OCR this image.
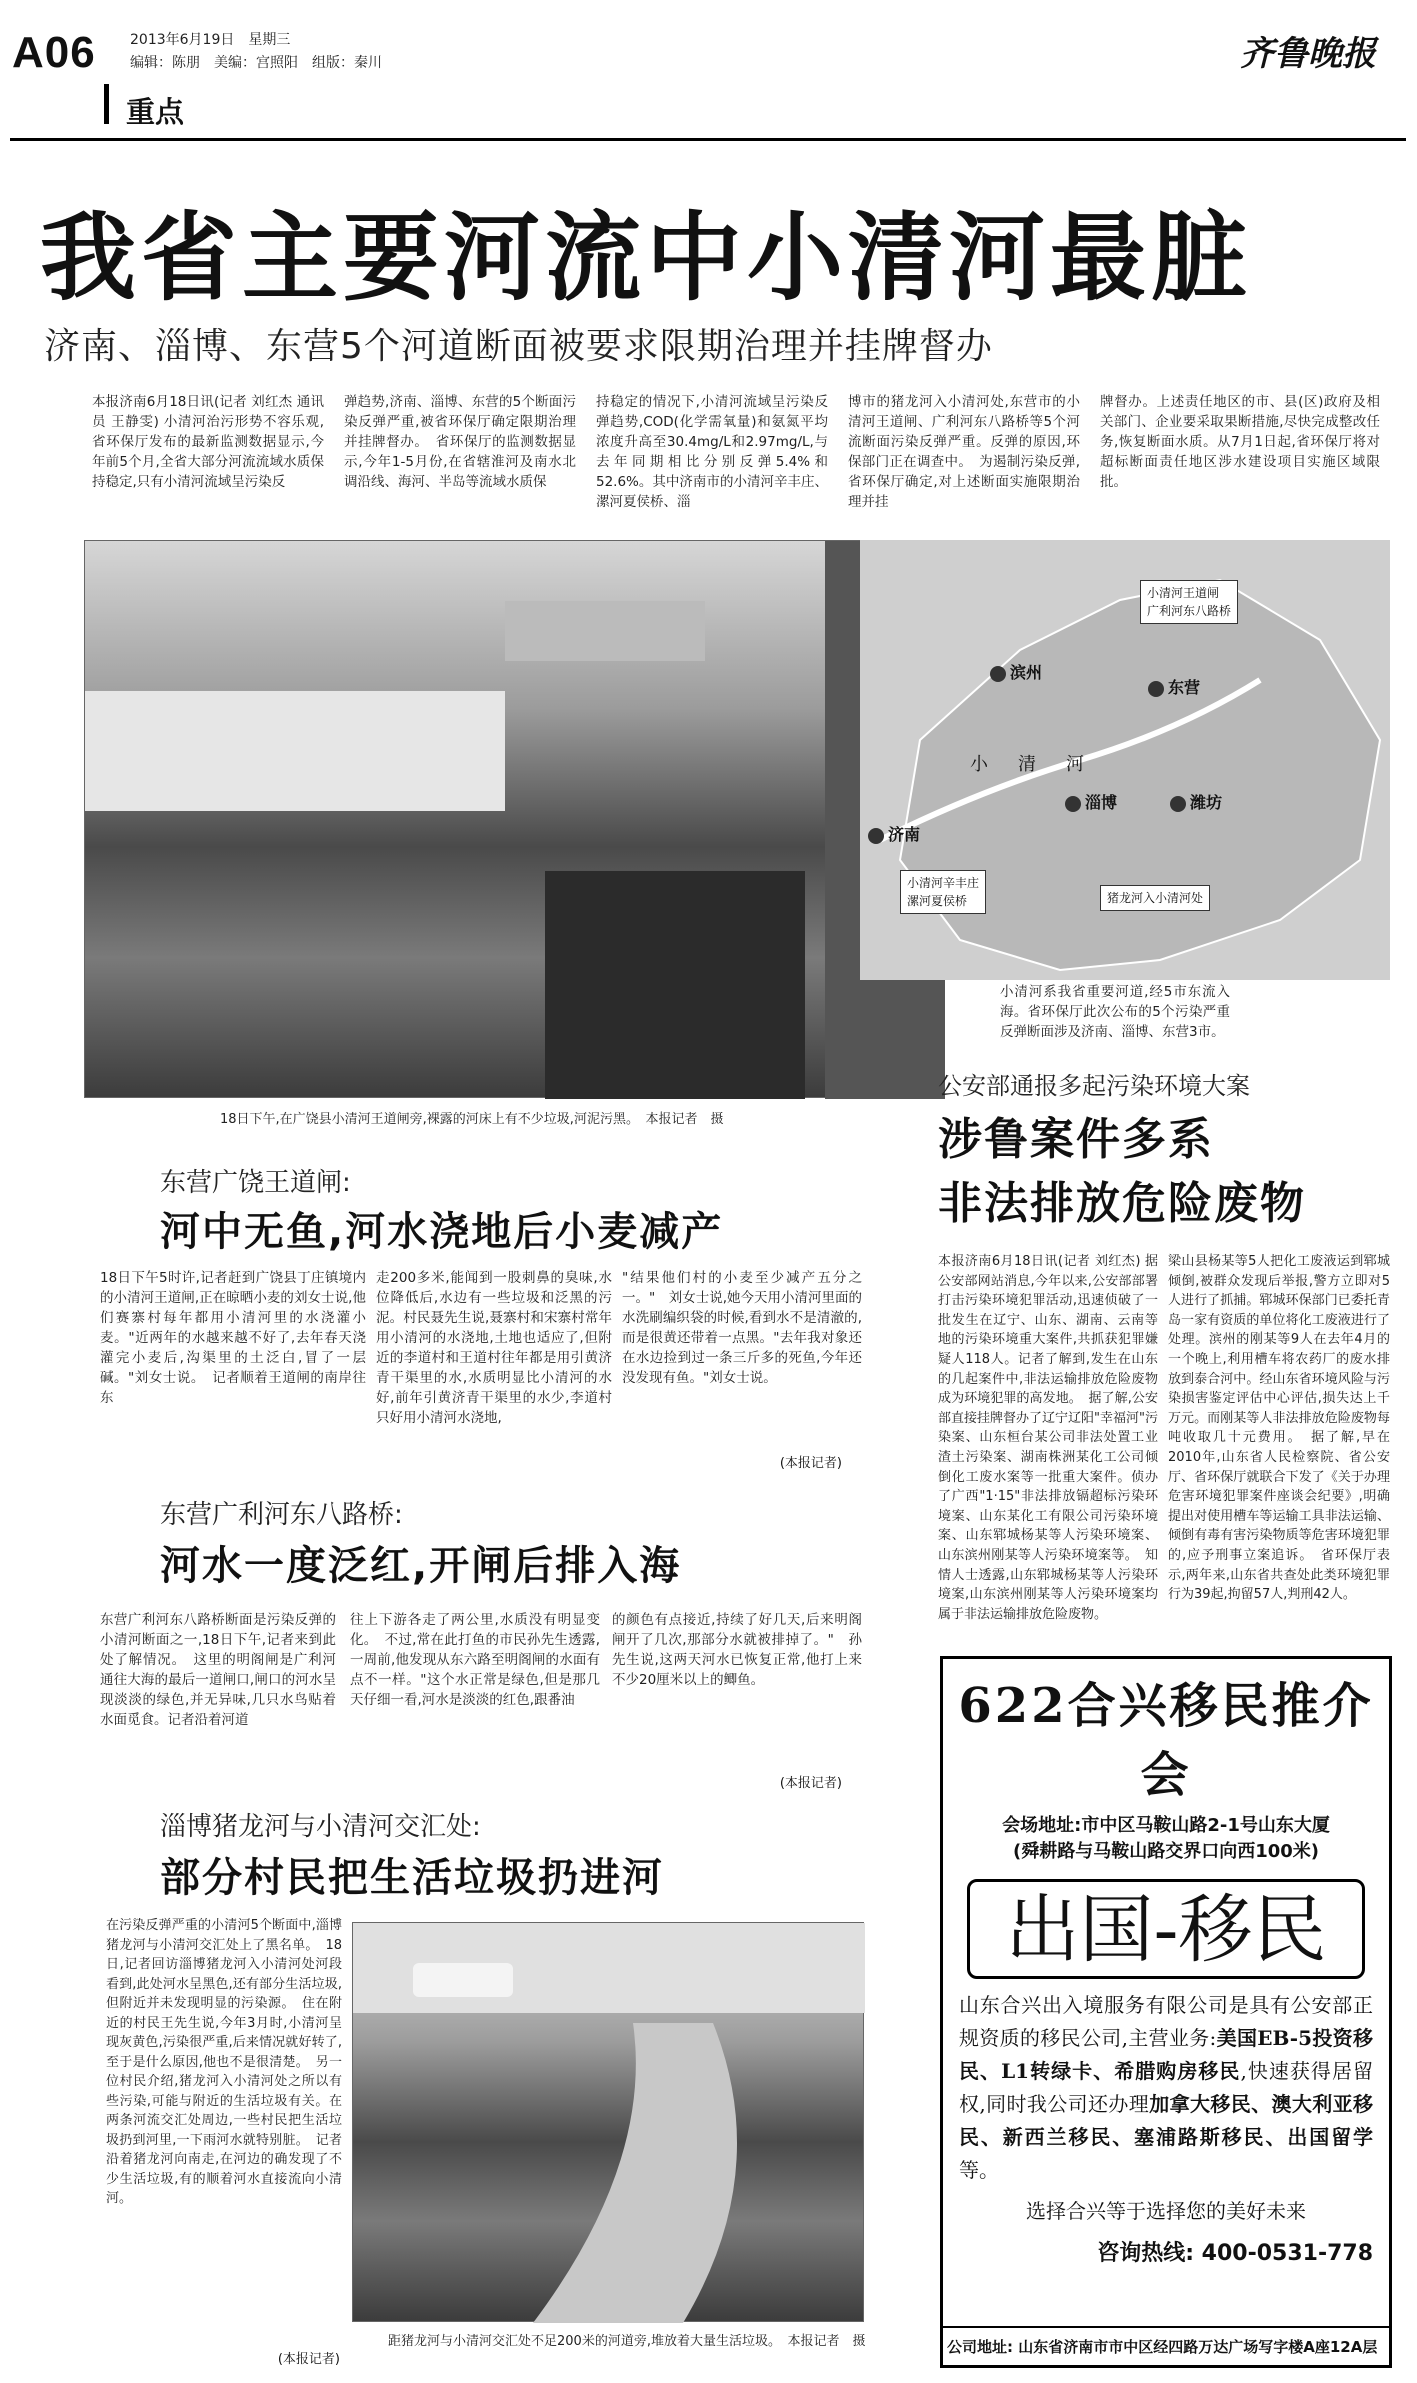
A06 2013年6月19日　星期三
编辑：陈朋　美编：宫照阳　组版：秦川
重点
齐鲁晚报
我省主要河流中小清河最脏
济南、淄博、东营5个河道断面被要求限期治理并挂牌督办
本报济南6月18日讯(记者 刘红杰 通讯员 王静雯) 小清河治污形势不容乐观,省环保厅发布的最新监测数据显示,今年前5个月,全省大部分河流流域水质保持稳定,只有小清河流域呈污染反
弹趋势,济南、淄博、东营的5个断面污染反弹严重,被省环保厅确定限期治理并挂牌督办。　省环保厅的监测数据显示,今年1-5月份,在省辖淮河及南水北调沿线、海河、半岛等流域水质保
持稳定的情况下,小清河流域呈污染反弹趋势,COD(化学需氧量)和氨氮平均浓度升高至30.4mg/L和2.97mg/L,与去年同期相比分别反弹5.4%和52.6%。其中济南市的小清河辛丰庄、漯河夏侯桥、淄
博市的猪龙河入小清河处,东营市的小清河王道闸、广利河东八路桥等5个河流断面污染反弹严重。反弹的原因,环保部门正在调查中。　为遏制污染反弹,省环保厅确定,对上述断面实施限期治理并挂
牌督办。上述责任地区的市、县(区)政府及相关部门、企业要采取果断措施,尽快完成整改任务,恢复断面水质。从7月1日起,省环保厅将对超标断面责任地区涉水建设项目实施区域限批。
18日下午,在广饶县小清河王道闸旁,裸露的河床上有不少垃圾,河泥污黑。　本报记者　摄
滨州
东营
淄博	潍坊
济南
小　清　河
小清河王道闸
广利河东八路桥
小清河辛丰庄
漯河夏侯桥	猪龙河入小清河处
小清河系我省重要河道,经5市东流入海。省环保厅此次公布的5个污染严重反弹断面涉及济南、淄博、东营3市。
东营广饶王道闸:
河中无鱼,河水浇地后小麦减产
18日下午5时许,记者赶到广饶县丁庄镇境内的小清河王道闸,正在晾晒小麦的刘女士说,他们赛寨村每年都用小清河里的水浇灌小麦。"近两年的水越来越不好了,去年春天浇灌完小麦后,沟渠里的土泛白,冒了一层碱。"刘女士说。　记者顺着王道闸的南岸往东
走200多米,能闻到一股刺鼻的臭味,水位降低后,水边有一些垃圾和泛黑的污泥。村民聂先生说,聂寨村和宋寨村常年用小清河的水浇地,土地也适应了,但附近的李道村和王道村往年都是用引黄济青干渠里的水,水质明显比小清河的水好,前年引黄济青干渠里的水少,李道村只好用小清河水浇地,
"结果他们村的小麦至少减产五分之一。"　刘女士说,她今天用小清河里面的水洗刷编织袋的时候,看到水不是清澈的,而是很黄还带着一点黑。"去年我对象还在水边捡到过一条三斤多的死鱼,今年还没发现有鱼。"刘女士说。
(本报记者)
东营广利河东八路桥:
河水一度泛红,开闸后排入海
东营广利河东八路桥断面是污染反弹的小清河断面之一,18日下午,记者来到此处了解情况。　这里的明阁闸是广利河通往大海的最后一道闸口,闸口的河水呈现淡淡的绿色,并无异味,几只水鸟贴着水面觅食。记者沿着河道
往上下游各走了两公里,水质没有明显变化。　不过,常在此打鱼的市民孙先生透露,一周前,他发现从东六路至明阁闸的水面有点不一样。"这个水正常是绿色,但是那几天仔细一看,河水是淡淡的红色,跟番油
的颜色有点接近,持续了好几天,后来明阁闸开了几次,那部分水就被排掉了。"　孙先生说,这两天河水已恢复正常,他打上来不少20厘米以上的鲫鱼。
(本报记者)
淄博猪龙河与小清河交汇处:
部分村民把生活垃圾扔进河
在污染反弹严重的小清河5个断面中,淄博猪龙河与小清河交汇处上了黑名单。　18日,记者回访淄博猪龙河入小清河处河段看到,此处河水呈黑色,还有部分生活垃圾,但附近并未发现明显的污染源。　住在附近的村民王先生说,今年3月时,小清河呈现灰黄色,污染很严重,后来情况就好转了,至于是什么原因,他也不是很清楚。　另一位村民介绍,猪龙河入小清河处之所以有些污染,可能与附近的生活垃圾有关。在两条河流交汇处周边,一些村民把生活垃圾扔到河里,一下雨河水就特别脏。　记者沿着猪龙河向南走,在河边的确发现了不少生活垃圾,有的顺着河水直接流向小清河。
(本报记者)
距猪龙河与小清河交汇处不足200米的河道旁,堆放着大量生活垃圾。　本报记者　摄
公安部通报多起污染环境大案
涉鲁案件多系
非法排放危险废物
本报济南6月18日讯(记者 刘红杰) 据公安部网站消息,今年以来,公安部部署打击污染环境犯罪活动,迅速侦破了一批发生在辽宁、山东、湖南、云南等地的污染环境重大案件,共抓获犯罪嫌疑人118人。记者了解到,发生在山东的几起案件中,非法运输排放危险废物成为环境犯罪的高发地。　据了解,公安部直接挂牌督办了辽宁辽阳"幸福河"污染案、山东桓台某公司非法处置工业渣土污染案、湖南株洲某化工公司倾倒化工废水案等一批重大案件。侦办了广西"1·15"非法排放镉超标污染环境案、山东某化工有限公司污染环境案、山东郓城杨某等人污染环境案、山东滨州刚某等人污染环境案等。　知情人士透露,山东郓城杨某等人污染环境案,山东滨州刚某等人污染环境案均属于非法运输排放危险废物。
梁山县杨某等5人把化工废液运到郓城倾倒,被群众发现后举报,警方立即对5人进行了抓捕。郓城环保部门已委托青岛一家有资质的单位将化工废液进行了处理。滨州的刚某等9人在去年4月的一个晚上,利用槽车将农药厂的废水排放到泰合河中。经山东省环境风险与污染损害鉴定评估中心评估,损失达上千万元。而刚某等人非法排放危险废物每吨收取几十元费用。　据了解,早在2010年,山东省人民检察院、省公安厅、省环保厅就联合下发了《关于办理危害环境犯罪案件座谈会纪要》,明确提出对使用槽车等运输工具非法运输、倾倒有毒有害污染物质等危害环境犯罪的,应予刑事立案追诉。　省环保厅表示,两年来,山东省共查处此类环境犯罪行为39起,拘留57人,判刑42人。
622合兴移民推介会
会场地址:市中区马鞍山路2-1号山东大厦
(舜耕路与马鞍山路交界口向西100米)
出国-移民
山东合兴出入境服务有限公司是具有公安部正规资质的移民公司,主营业务:美国EB-5投资移民、L1转绿卡、希腊购房移民,快速获得居留权,同时我公司还办理加拿大移民、澳大利亚移民、新西兰移民、塞浦路斯移民、出国留学等。
选择合兴等于选择您的美好未来
咨询热线: 400-0531-778
公司地址: 山东省济南市市中区经四路万达广场写字楼A座12A层
